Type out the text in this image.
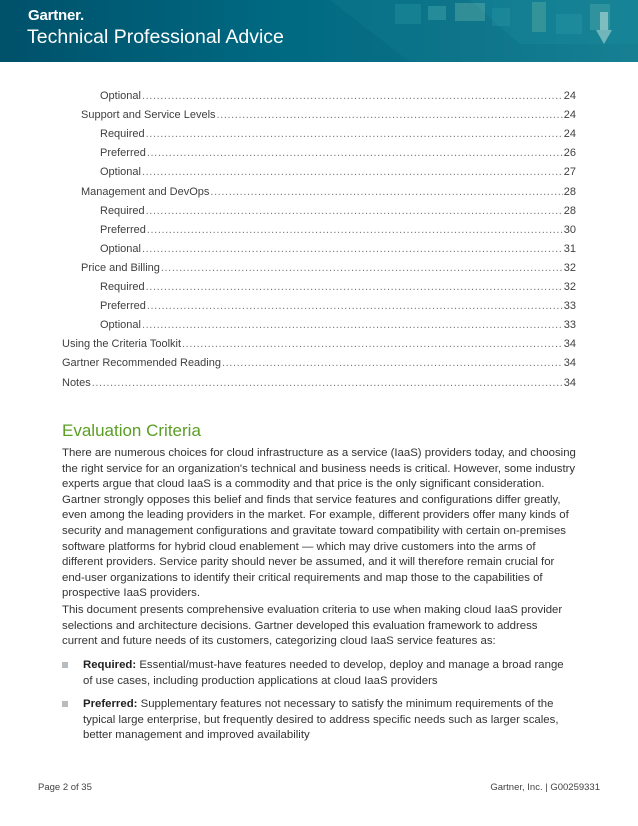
Gartner.
Technical Professional Advice
Optional .....	24
Support and Service Levels .....	24
Required .....	24
Preferred .....	26
Optional .....	27
Management and DevOps .....	28
Required .....	28
Preferred .....	30
Optional .....	31
Price and Billing .....	32
Required .....	32
Preferred .....	33
Optional .....	33
Using the Criteria Toolkit .....	34
Gartner Recommended Reading .....	34
Notes .....	34
Evaluation Criteria

There are numerous choices for cloud infrastructure as a service (IaaS) providers today, and choosing the right service for an organization's technical and business needs is critical. However, some industry experts argue that cloud IaaS is a commodity and that price is the only significant consideration. Gartner strongly opposes this belief and finds that service features and configurations differ greatly, even among the leading providers in the market. For example, different providers offer many kinds of security and management configurations and gravitate toward compatibility with certain on-premises software platforms for hybrid cloud enablement — which may drive customers into the arms of different providers. Service parity should never be assumed, and it will therefore remain crucial for end-user organizations to identify their critical requirements and map those to the capabilities of prospective IaaS providers.

This document presents comprehensive evaluation criteria to use when making cloud IaaS provider selections and architecture decisions. Gartner developed this evaluation framework to address current and future needs of its customers, categorizing cloud IaaS service features as:

Required: Essential/must-have features needed to develop, deploy and manage a broad range of use cases, including production applications at cloud IaaS providers
Preferred: Supplementary features not necessary to satisfy the minimum requirements of the typical large enterprise, but frequently desired to address specific needs such as larger scales, better management and improved availability
Page 2 of 35	Gartner, Inc. | G00259331
